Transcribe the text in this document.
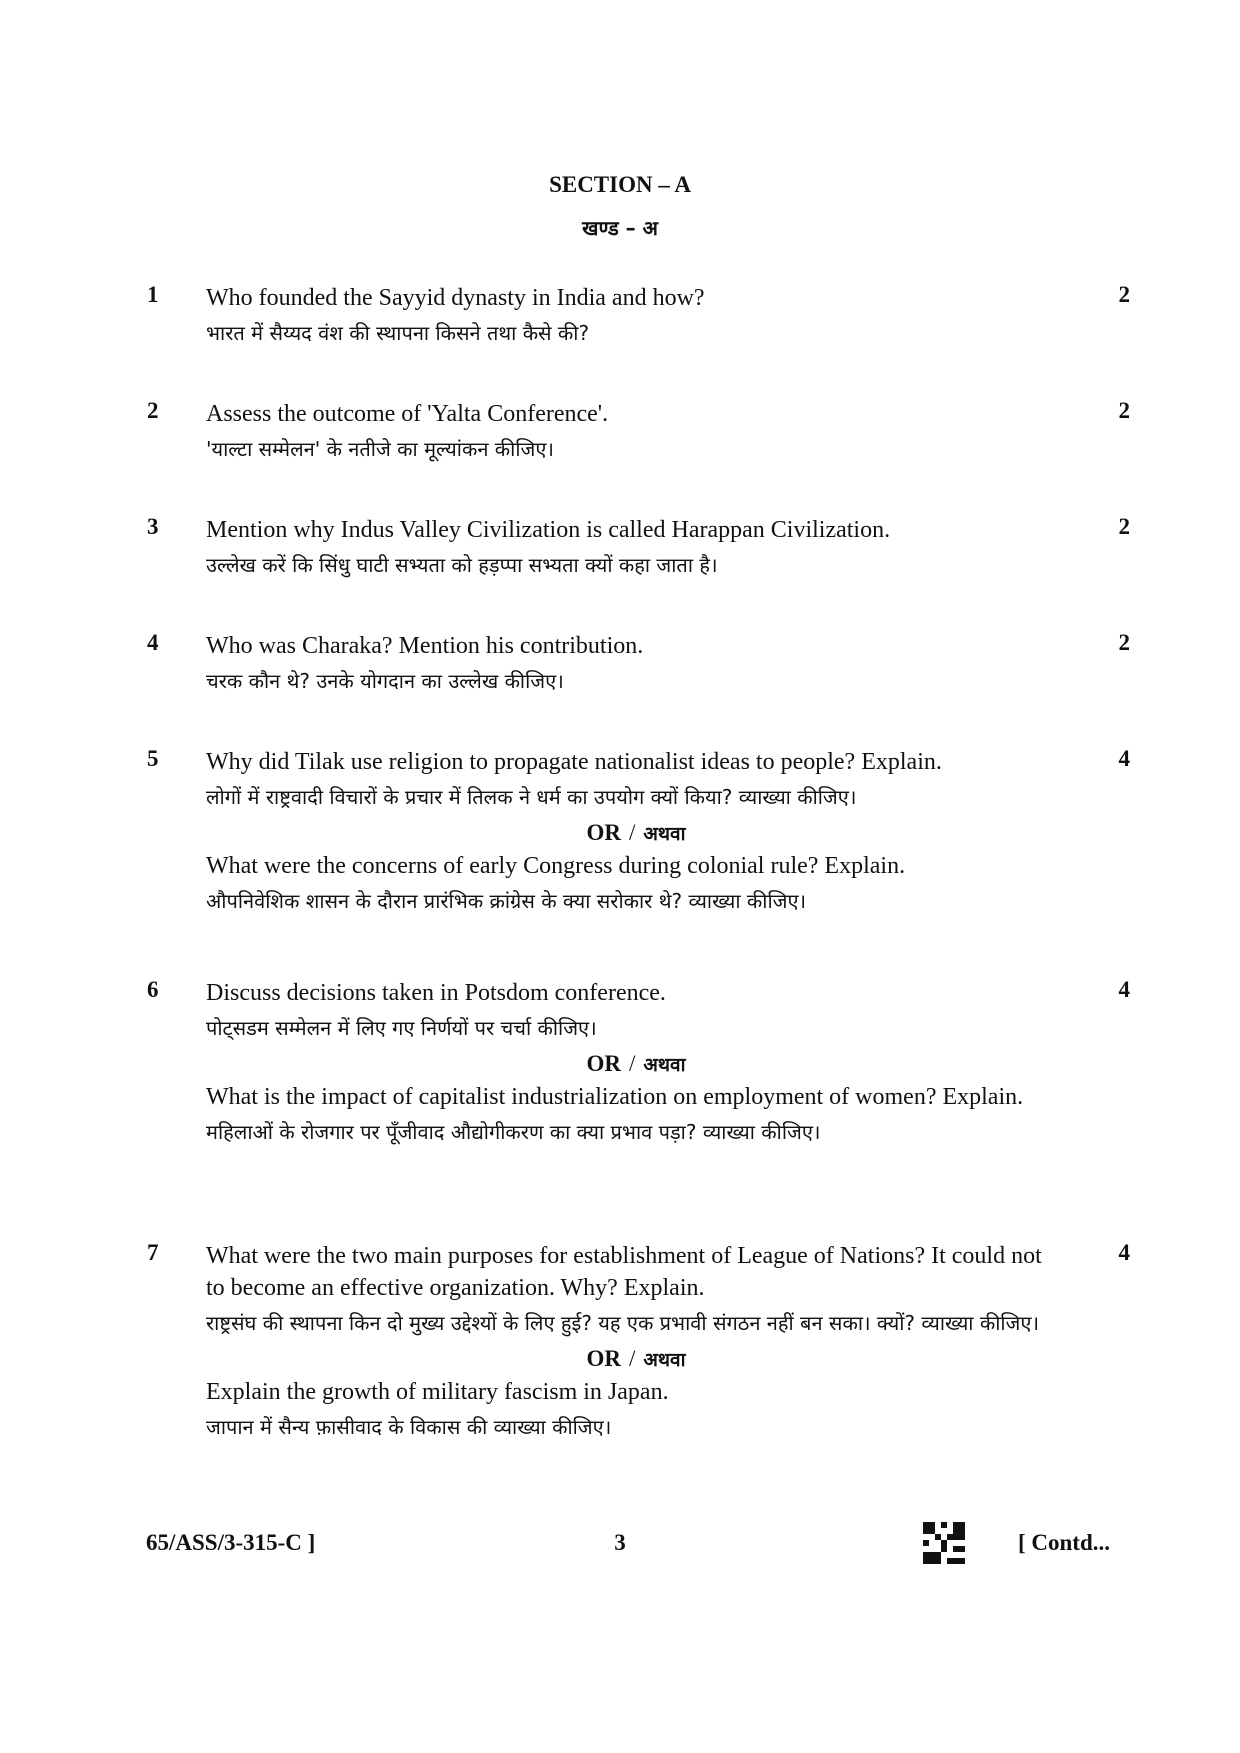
SECTION – A
खण्ड – अ
1 Who founded the Sayyid dynasty in India and how?

भारत में सैय्यद वंश की स्थापना किसने तथा कैसे की?

2
2 Assess the outcome of 'Yalta Conference'.

'याल्टा सम्मेलन' के नतीजे का मूल्यांकन कीजिए।

2
3 Mention why Indus Valley Civilization is called Harappan Civilization.

उल्लेख करें कि सिंधु घाटी सभ्यता को हड़प्पा सभ्यता क्यों कहा जाता है।

2
4 Who was Charaka? Mention his contribution.

चरक कौन थे? उनके योगदान का उल्लेख कीजिए।

2
5 Why did Tilak use religion to propagate nationalist ideas to people? Explain.

लोगों में राष्ट्रवादी विचारों के प्रचार में तिलक ने धर्म का उपयोग क्यों किया? व्याख्या कीजिए।

OR / अथवा

What were the concerns of early Congress during colonial rule? Explain.

औपनिवेशिक शासन के दौरान प्रारंभिक क्रांग्रेस के क्या सरोकार थे? व्याख्या कीजिए।

4
6 Discuss decisions taken in Potsdom conference.

पोट्सडम सम्मेलन में लिए गए निर्णयों पर चर्चा कीजिए।

OR / अथवा

What is the impact of capitalist industrialization on employment of women? Explain.

महिलाओं के रोजगार पर पूँजीवाद औद्योगीकरण का क्या प्रभाव पड़ा? व्याख्या कीजिए।

4
7 What were the two main purposes for establishment of League of Nations? It could not to become an effective organization. Why? Explain.

राष्ट्रसंघ की स्थापना किन दो मुख्य उद्देश्यों के लिए हुई? यह एक प्रभावी संगठन नहीं बन सका। क्यों? व्याख्या कीजिए।

OR / अथवा

Explain the growth of military fascism in Japan.

जापान में सैन्य फ़ासीवाद के विकास की व्याख्या कीजिए।

4
65/ASS/3-315-C ]	3	[ Contd...
